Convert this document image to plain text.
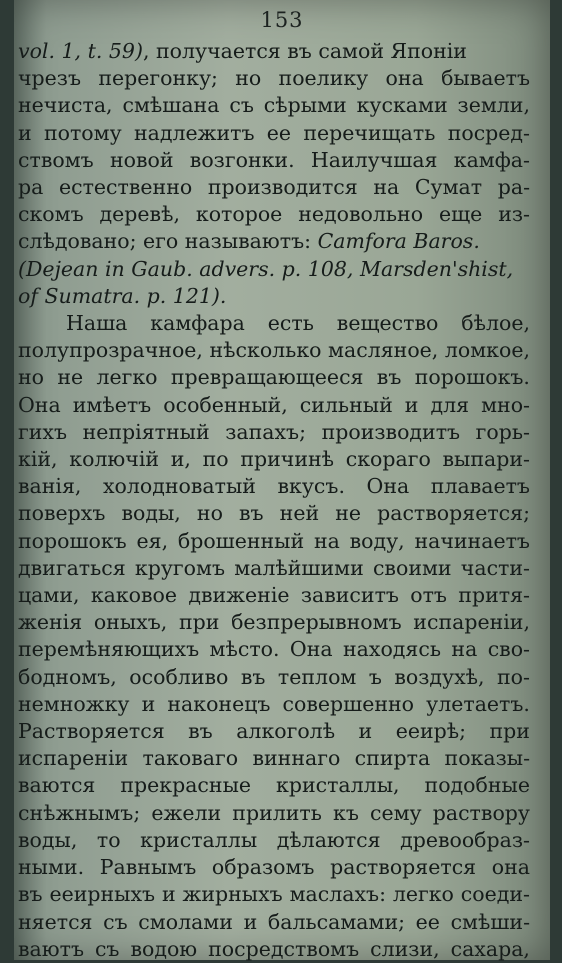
153
vol. 1, t. 59) , получается въ самой Японіи
чрезъ перегонку; но поелику она бываетъ
нечиста, смѣшана съ сѣрыми кусками земли,
и потому надлежитъ ее перечищать посред-
ствомъ новой возгонки. Наилучшая камфа-
ра естественно производится на Сумат ра-
скомъ деревѣ, которое недовольно еще из-
слѣдовано; его называютъ: Camfora Baros.
(Dejean in Gaub. advers. p. 108, Marsden'shist,
of Sumatra. p. 121).
Наша камфара есть вещество бѣлое,
полупрозрачное, нѣсколько масляное, ломкое,
но не легко превращающееся въ порошокъ.
Она имѣетъ особенный, сильный и для мно-
гихъ непріятный запахъ; производитъ горь-
кій, колючій и, по причинѣ скораго выпари-
ванія, холодноватый вкусъ. Она плаваетъ
поверхъ воды, но въ ней не растворяется;
порошокъ ея, брошенный на воду, начинаетъ
двигаться кругомъ малѣйшими своими части-
цами, каковое движеніе зависитъ отъ притя-
женія оныхъ, при безпрерывномъ испареніи,
перемѣняющихъ мѣсто. Она находясь на сво-
бодномъ, особливо въ теплом ъ воздухѣ, по-
немножку и наконецъ совершенно улетаетъ.
Растворяется въ алкоголѣ и ееирѣ; при
испареніи таковаго виннаго спирта показы-
ваются прекрасные кристаллы, подобные
снѣжнымъ; ежели прилить къ сему раствору
воды, то кристаллы дѣлаются древообраз-
ными. Равнымъ образомъ растворяется она
въ ееирныхъ и жирныхъ маслахъ: легко соеди-
няется съ смолами и бальсамами; ее смѣши-
ваютъ съ водою посредствомъ слизи, сахара,
